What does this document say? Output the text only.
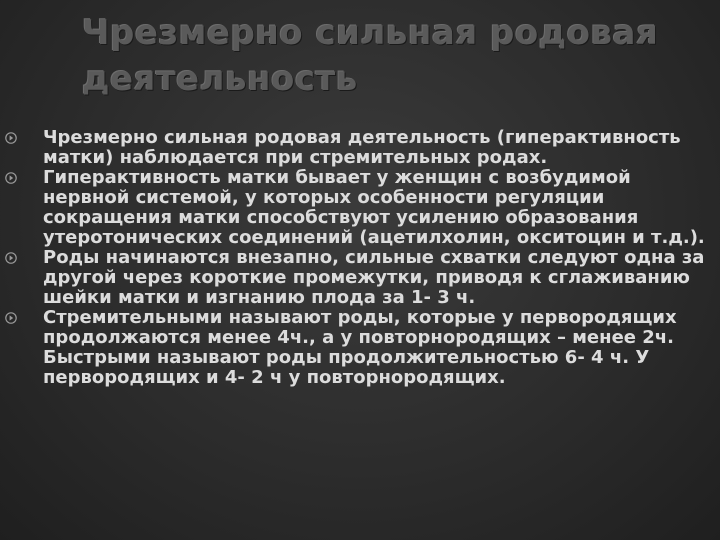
Чрезмерно сильная родовая деятельность
Чрезмерно сильная родовая деятельность (гиперактивность матки) наблюдается при стремительных родах.
Гиперактивность матки бывает у женщин с возбудимой нервной системой, у которых особенности регуляции сокращения матки способствуют усилению образования утеротонических соединений (ацетилхолин, окситоцин и т.д.).
Роды начинаются внезапно, сильные схватки следуют одна за другой через короткие промежутки, приводя к сглаживанию шейки матки и изгнанию плода за 1- 3 ч.
Стремительными называют роды, которые у первородящих продолжаются менее 4ч., а у повторнородящих – менее 2ч. Быстрыми называют роды продолжительностью 6- 4 ч. У первородящих и 4- 2 ч у повторнородящих.
